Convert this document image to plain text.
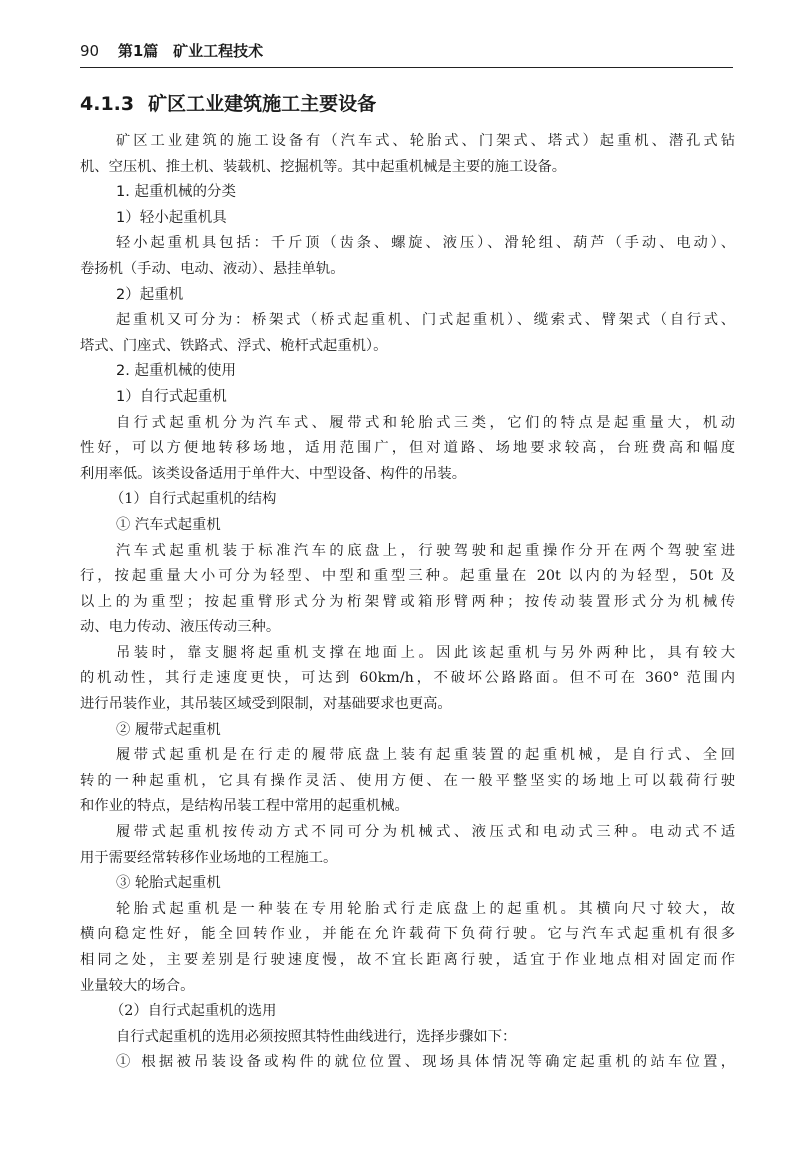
90 第1篇 矿业工程技术
4.1.3 矿区工业建筑施工主要设备
矿区工业建筑的施工设备有（汽车式、轮胎式、门架式、塔式）起重机、潜孔式钻
机、空压机、推土机、装载机、挖掘机等。其中起重机械是主要的施工设备。
1. 起重机械的分类
1）轻小起重机具
轻小起重机具包括：千斤顶（齿条、螺旋、液压）、滑轮组、葫芦（手动、电动）、
卷扬机（手动、电动、液动）、悬挂单轨。
2）起重机
起重机又可分为：桥架式（桥式起重机、门式起重机）、缆索式、臂架式（自行式、
塔式、门座式、铁路式、浮式、桅杆式起重机）。
2. 起重机械的使用
1）自行式起重机
自行式起重机分为汽车式、履带式和轮胎式三类，它们的特点是起重量大，机动
性好，可以方便地转移场地，适用范围广，但对道路、场地要求较高，台班费高和幅度
利用率低。该类设备适用于单件大、中型设备、构件的吊装。
（1）自行式起重机的结构
① 汽车式起重机
汽车式起重机装于标准汽车的底盘上，行驶驾驶和起重操作分开在两个驾驶室进
行，按起重量大小可分为轻型、中型和重型三种。起重量在 20t 以内的为轻型，50t 及
以上的为重型；按起重臂形式分为桁架臂或箱形臂两种；按传动装置形式分为机械传
动、电力传动、液压传动三种。
吊装时，靠支腿将起重机支撑在地面上。因此该起重机与另外两种比，具有较大
的机动性，其行走速度更快，可达到 60km/h，不破坏公路路面。但不可在 360° 范围内
进行吊装作业，其吊装区域受到限制，对基础要求也更高。
② 履带式起重机
履带式起重机是在行走的履带底盘上装有起重装置的起重机械，是自行式、全回
转的一种起重机，它具有操作灵活、使用方便、在一般平整坚实的场地上可以载荷行驶
和作业的特点，是结构吊装工程中常用的起重机械。
履带式起重机按传动方式不同可分为机械式、液压式和电动式三种。电动式不适
用于需要经常转移作业场地的工程施工。
③ 轮胎式起重机
轮胎式起重机是一种装在专用轮胎式行走底盘上的起重机。其横向尺寸较大，故
横向稳定性好，能全回转作业，并能在允许载荷下负荷行驶。它与汽车式起重机有很多
相同之处，主要差别是行驶速度慢，故不宜长距离行驶，适宜于作业地点相对固定而作
业量较大的场合。
（2）自行式起重机的选用
自行式起重机的选用必须按照其特性曲线进行，选择步骤如下：
① 根据被吊装设备或构件的就位位置、现场具体情况等确定起重机的站车位置，
